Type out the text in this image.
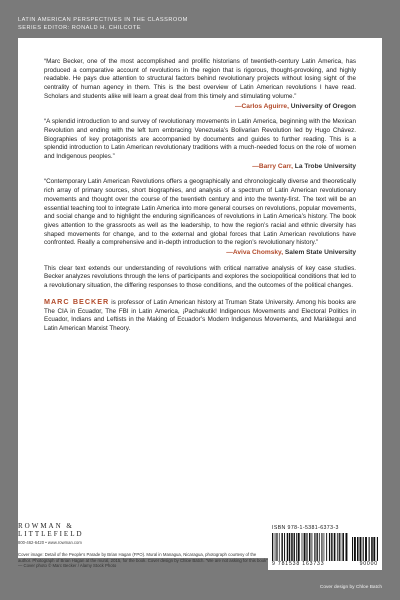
LATIN AMERICAN PERSPECTIVES IN THE CLASSROOM
SERIES EDITOR: RONALD H. CHILCOTE
“Marc Becker, one of the most accomplished and prolific historians of twentieth-century Latin America, has produced a comparative account of revolutions in the region that is rigorous, thought-provoking, and highly readable. He pays due attention to structural factors behind revolutionary projects without losing sight of the centrality of human agency in them. This is the best overview of Latin American revolutions I have read. Scholars and students alike will learn a great deal from this timely and stimulating volume.”
—Carlos Aguirre, University of Oregon
“A splendid introduction to and survey of revolutionary movements in Latin America, beginning with the Mexican Revolution and ending with the left turn embracing Venezuela’s Bolivarian Revolution led by Hugo Chávez. Biographies of key protagonists are accompanied by documents and guides to further reading. This is a splendid introduction to Latin American revolutionary traditions with a much-needed focus on the role of women and Indigenous peoples.”
—Barry Carr, La Trobe University
“Contemporary Latin American Revolutions offers a geographically and chronologically diverse and theoretically rich array of primary sources, short biographies, and analysis of a spectrum of Latin American revolutionary movements and thought over the course of the twentieth century and into the twenty-first. The text will be an essential teaching tool to integrate Latin America into more general courses on revolutions, popular movements, and social change and to highlight the enduring significances of revolutions in Latin America’s history. The book gives attention to the grassroots as well as the leadership, to how the region’s racial and ethnic diversity has shaped movements for change, and to the external and global forces that Latin American revolutions have confronted. Really a comprehensive and in-depth introduction to the region’s revolutionary history.”
—Aviva Chomsky, Salem State University
This clear text extends our understanding of revolutions with critical narrative analysis of key case studies. Becker analyzes revolutions through the lens of participants and explores the sociopolitical conditions that led to a revolutionary situation, the differing responses to those conditions, and the outcomes of the political changes.
MARC BECKER is professor of Latin American history at Truman State University. Among his books are The CIA in Ecuador, The FBI in Latin America, ¡Pachakutik! Indigenous Movements and Electoral Politics in Ecuador, Indians and Leftists in the Making of Ecuador’s Modern Indigenous Movements, and Mariátegui and Latin American Marxist Theory.
ROWMAN &
LITTLEFIELD
800-462-6420 • www.rowman.com
Cover image: Detail of the People’s Parade by Brian Hagan (FPO). Mural in Managua, Nicaragua, photograph courtesy of the author. Photograph of Brian Hagan at the mural, 2015, for the book. Cover design by Chloe Batch. “We are not asking for this book” — Cover photo © Marc Becker / Alamy Stock Photo
ISBN 978-1-5381-6373-3
9 781538 163733	90000
Cover design by Chloe Batch
